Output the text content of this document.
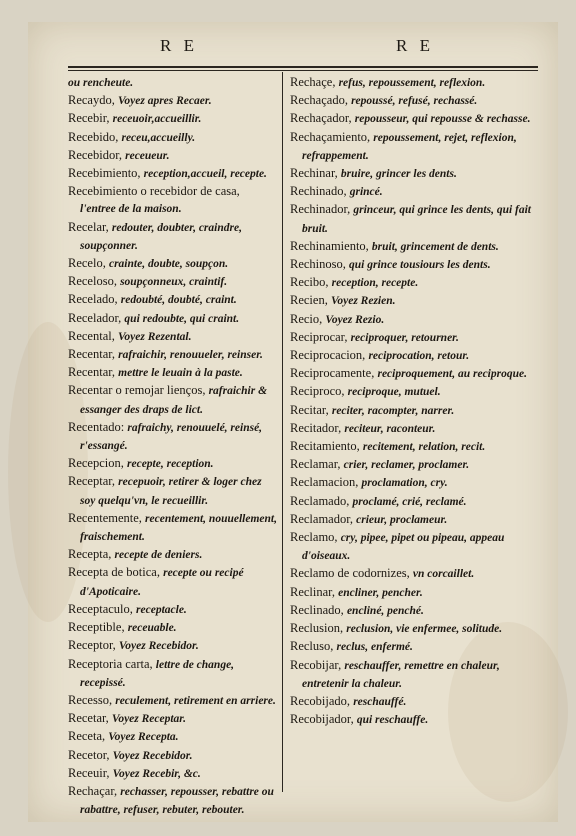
R E	R E
ou rencheute.
Recaydo, Voyez apres Recaer.
Recebir, receuoir,accueillir.
Recebido, receu,accueilly.
Recebidor, receueur.
Recebimiento, reception,accueil, recepte.
Recebimiento o recebidor de casa, l'entree de la maison.
Recelar, redouter, doubter, craindre, soupçonner.
Recelo, crainte, doubte, soupçon.
Receloso, soupçonneux, craintif.
Recelado, redoubté, doubté, craint.
Recelador, qui redoubte, qui craint.
Recental, Voyez Rezental.
Recentar, rafraichir, renouueler, reinser.
Recentar, mettre le leuain à la paste.
Recentar o remojar lienços, rafraichir & essanger des draps de lict.
Recentado: rafraichy, renouuelé, reinsé, r'essangé.
Recepcion, recepte, reception.
Receptar, recepuoir, retirer & loger chez soy quelqu'vn, le recueillir.
Recentemente, recentement, nouuellement, fraischement.
Recepta, recepte de deniers.
Recepta de botica, recepte ou recipé d'Apoticaire.
Receptaculo, receptacle.
Receptible, receuable.
Receptor, Voyez Recebidor.
Receptoria carta, lettre de change, recepissé.
Recesso, reculement, retirement en arriere.
Recetar, Voyez Receptar.
Receta, Voyez Recepta.
Recetor, Voyez Recebidor.
Receuir, Voyez Recebir, &c.
Rechaçar, rechasser, repousser, rebattre ou rabattre, refuser, rebuter, rebouter.
Rechaçe, refus, repoussement, reflexion.
Rechaçado, repoussé, refusé, rechassé.
Rechaçador, repousseur, qui repousse & rechasse.
Rechaçamiento, repoussement, rejet, reflexion, refrappement.
Rechinar, bruire, grincer les dents.
Rechinado, grincé.
Rechinador, grinceur, qui grince les dents, qui fait bruit.
Rechinamiento, bruit, grincement de dents.
Rechinoso, qui grince tousiours les dents.
Recibo, reception, recepte.
Recien, Voyez Rezien.
Recio, Voyez Rezio.
Reciprocar, reciproquer, retourner.
Reciprocacion, reciprocation, retour.
Reciprocamente, reciproquement, au reciproque.
Reciproco, reciproque, mutuel.
Recitar, reciter, racompter, narrer.
Recitador, reciteur, raconteur.
Recitamiento, recitement, relation, recit.
Reclamar, crier, reclamer, proclamer.
Reclamacion, proclamation, cry.
Reclamado, proclamé, crié, reclamé.
Reclamador, crieur, proclameur.
Reclamo, cry, pipee, pipet ou pipeau, appeau d'oiseaux.
Reclamo de codornizes, vn corcaillet.
Reclinar, encliner, pencher.
Reclinado, encliné, penché.
Reclusion, reclusion, vie enfermee, solitude.
Recluso, reclus, enfermé.
Recobijar, reschauffer, remettre en chaleur, entretenir la chaleur.
Recobijado, reschauffé.
Recobijador, qui reschauffe.
